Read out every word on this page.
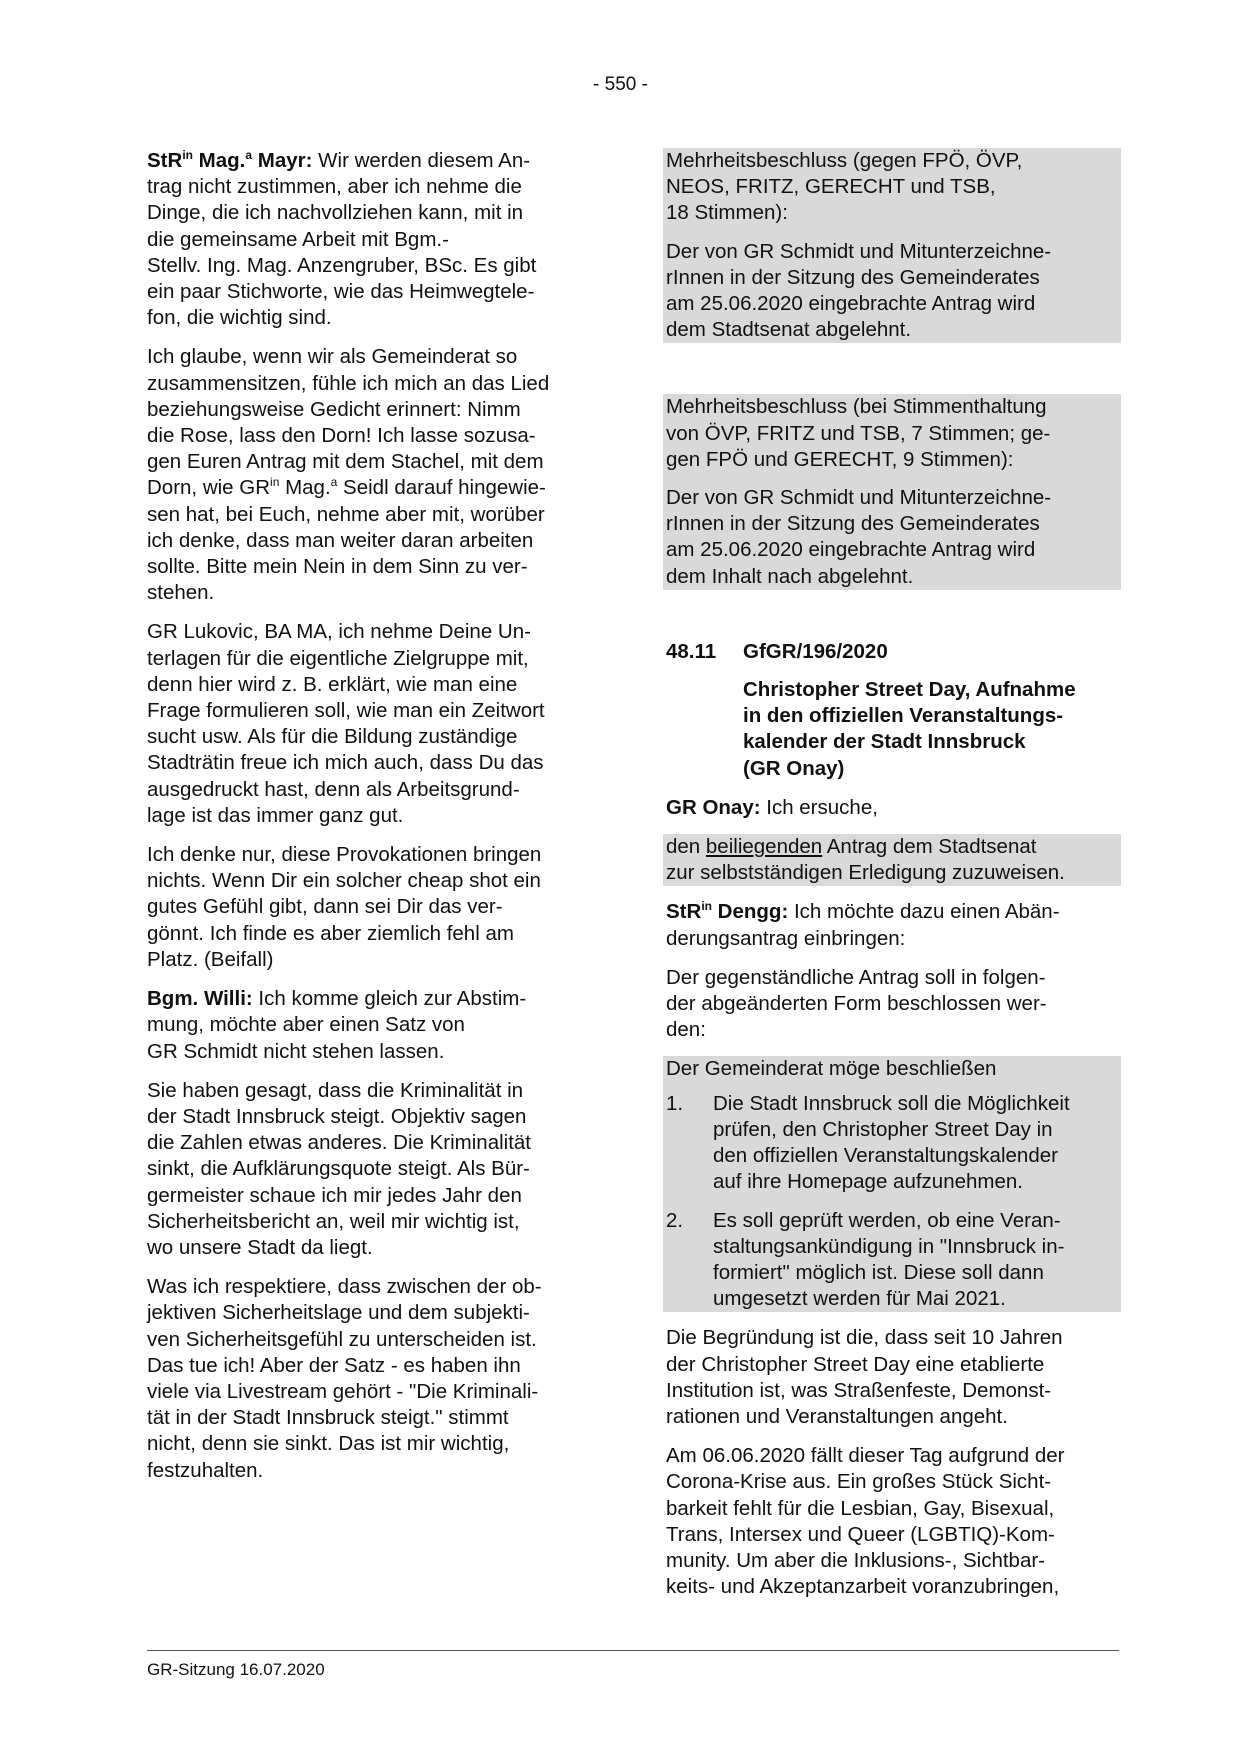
- 550 -
StR$^{in}$ Mag.$^a$ Mayr: Wir werden diesem An-
trag nicht zustimmen, aber ich nehme die
Dinge, die ich nachvollziehen kann, mit in
die gemeinsame Arbeit mit Bgm.-
Stellv. Ing. Mag. Anzengruber, BSc. Es gibt
ein paar Stichworte, wie das Heimwegtele-
fon, die wichtig sind.
Ich glaube, wenn wir als Gemeinderat so
zusammensitzen, fühle ich mich an das Lied
beziehungsweise Gedicht erinnert: Nimm
die Rose, lass den Dorn! Ich lasse sozusa-
gen Euren Antrag mit dem Stachel, mit dem
Dorn, wie $GR^{in}$ Mag.$^a$ Seidl darauf hingewie-
sen hat, bei Euch, nehme aber mit, worüber
ich denke, dass man weiter daran arbeiten
sollte. Bitte mein Nein in dem Sinn zu ver-
stehen.
GR Lukovic, BA MA, ich nehme Deine Un-
terlagen für die eigentliche Zielgruppe mit,
denn hier wird z. B. erklärt, wie man eine
Frage formulieren soll, wie man ein Zeitwort
sucht usw. Als für die Bildung zuständige
Stadträtin freue ich mich auch, dass Du das
ausgedruckt hast, denn als Arbeitsgrund-
lage ist das immer ganz gut.
Ich denke nur, diese Provokationen bringen
nichts. Wenn Dir ein solcher cheap shot ein
gutes Gefühl gibt, dann sei Dir das ver-
gönnt. Ich finde es aber ziemlich fehl am
Platz. (Beifall)
Bgm. Willi: Ich komme gleich zur Abstim-
mung, möchte aber einen Satz von
GR Schmidt nicht stehen lassen.
Sie haben gesagt, dass die Kriminalität in
der Stadt Innsbruck steigt. Objektiv sagen
die Zahlen etwas anderes. Die Kriminalität
sinkt, die Aufklärungsquote steigt. Als Bür-
germeister schaue ich mir jedes Jahr den
Sicherheitsbericht an, weil mir wichtig ist,
wo unsere Stadt da liegt.
Was ich respektiere, dass zwischen der ob-
jektiven Sicherheitslage und dem subjekti-
ven Sicherheitsgefühl zu unterscheiden ist.
Das tue ich! Aber der Satz - es haben ihn
viele via Livestream gehört - "Die Kriminali-
tät in der Stadt Innsbruck steigt." stimmt
nicht, denn sie sinkt. Das ist mir wichtig,
festzuhalten.
Mehrheitsbeschluss (gegen FPÖ, ÖVP,
NEOS, FRITZ, GERECHT und TSB,
18 Stimmen):
Der von GR Schmidt und Mitunterzeichne-
rInnen in der Sitzung des Gemeinderates
am 25.06.2020 eingebrachte Antrag wird
dem Stadtsenat abgelehnt.
Mehrheitsbeschluss (bei Stimmenthaltung
von ÖVP, FRITZ und TSB, 7 Stimmen; ge-
gen FPÖ und GERECHT, 9 Stimmen):
Der von GR Schmidt und Mitunterzeichne-
rInnen in der Sitzung des Gemeinderates
am 25.06.2020 eingebrachte Antrag wird
dem Inhalt nach abgelehnt.
48.11	GfGR/196/2020
Christopher Street Day, Aufnahme
in den offiziellen Veranstaltungs-
kalender der Stadt Innsbruck
(GR Onay)
GR Onay: Ich ersuche,
den beiliegenden Antrag dem Stadtsenat
zur selbstständigen Erledigung zuzuweisen.
StR$^{in}$ Dengg: Ich möchte dazu einen Abän-
derungsantrag einbringen:
Der gegenständliche Antrag soll in folgen-
der abgeänderten Form beschlossen wer-
den:
Der Gemeinderat möge beschließen
1.	Die Stadt Innsbruck soll die Möglichkeit
prüfen, den Christopher Street Day in
den offiziellen Veranstaltungskalender
auf ihre Homepage aufzunehmen.
2.	Es soll geprüft werden, ob eine Veran-
staltungsankündigung in "Innsbruck in-
formiert" möglich ist. Diese soll dann
umgesetzt werden für Mai 2021.
Die Begründung ist die, dass seit 10 Jahren
der Christopher Street Day eine etablierte
Institution ist, was Straßenfeste, Demonst-
rationen und Veranstaltungen angeht.
Am 06.06.2020 fällt dieser Tag aufgrund der
Corona-Krise aus. Ein großes Stück Sicht-
barkeit fehlt für die Lesbian, Gay, Bisexual,
Trans, Intersex und Queer (LGBTIQ)-Kom-
munity. Um aber die Inklusions-, Sichtbar-
keits- und Akzeptanzarbeit voranzubringen,
GR-Sitzung 16.07.2020
